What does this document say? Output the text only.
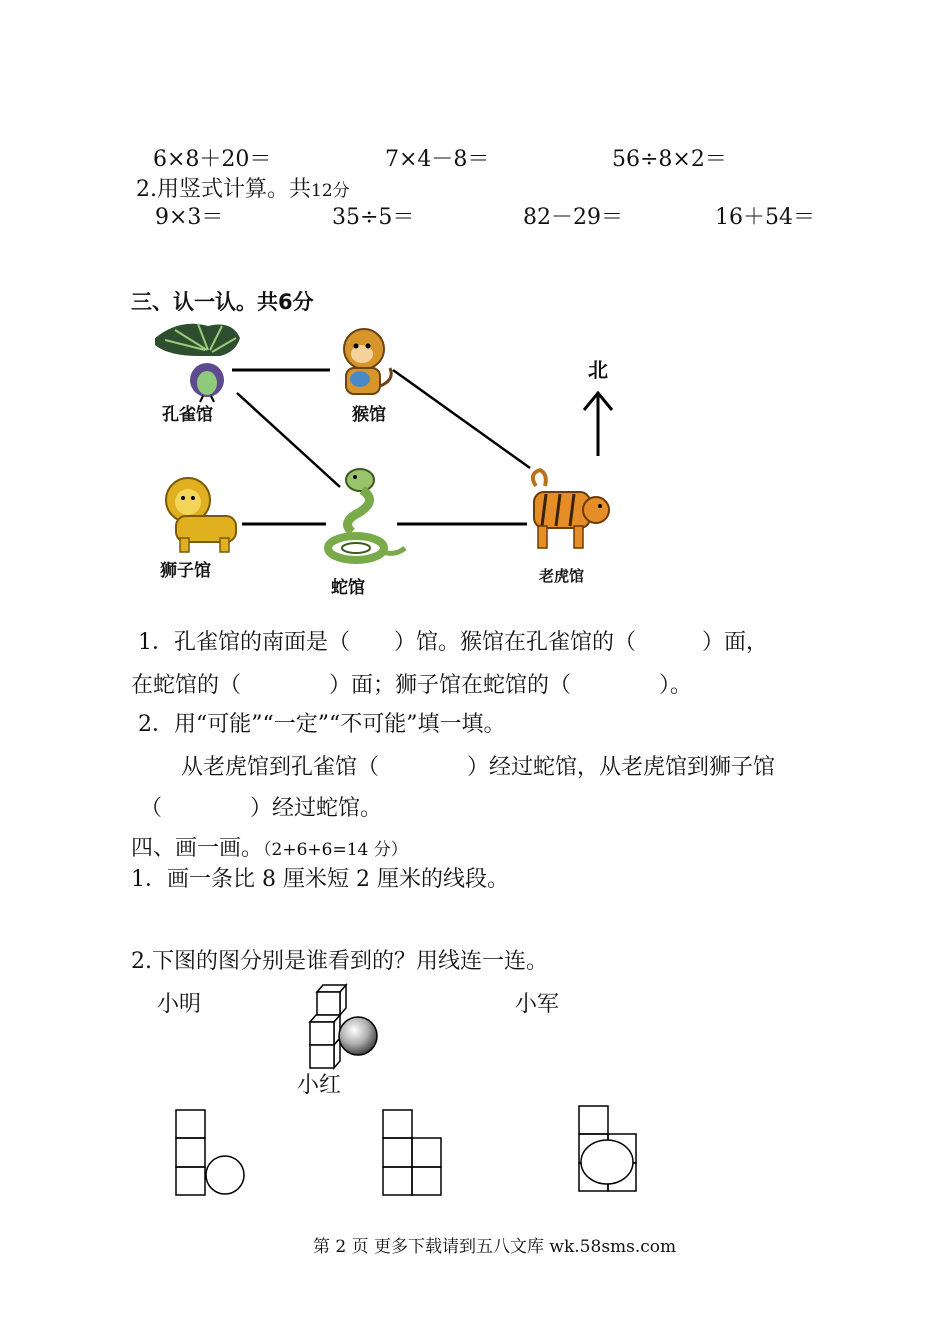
6×8＋20＝	7×4－8＝	56÷8×2＝
2.用竖式计算。共12分
9×3＝	35÷5＝	82－29＝	16＋54＝
三、认一认。共6分
北
孔雀馆	猴馆
狮子馆
蛇馆
老虎馆
1．孔雀馆的南面是（　　）馆。猴馆在孔雀馆的（　　　）面，
在蛇馆的（　　　　）面；狮子馆在蛇馆的（　　　　）。
2．用“可能”“一定”“不可能”填一填。
从老虎馆到孔雀馆（　　　　）经过蛇馆，从老虎馆到狮子馆
（　　　　）经过蛇馆。
四、画一画。（2+6+6=14 分）
1．画一条比 8 厘米短 2 厘米的线段。
2.下图的图分别是谁看到的？用线连一连。
小明	小军
小红
第 2 页 更多下载请到五八文库 wk.58sms.com
